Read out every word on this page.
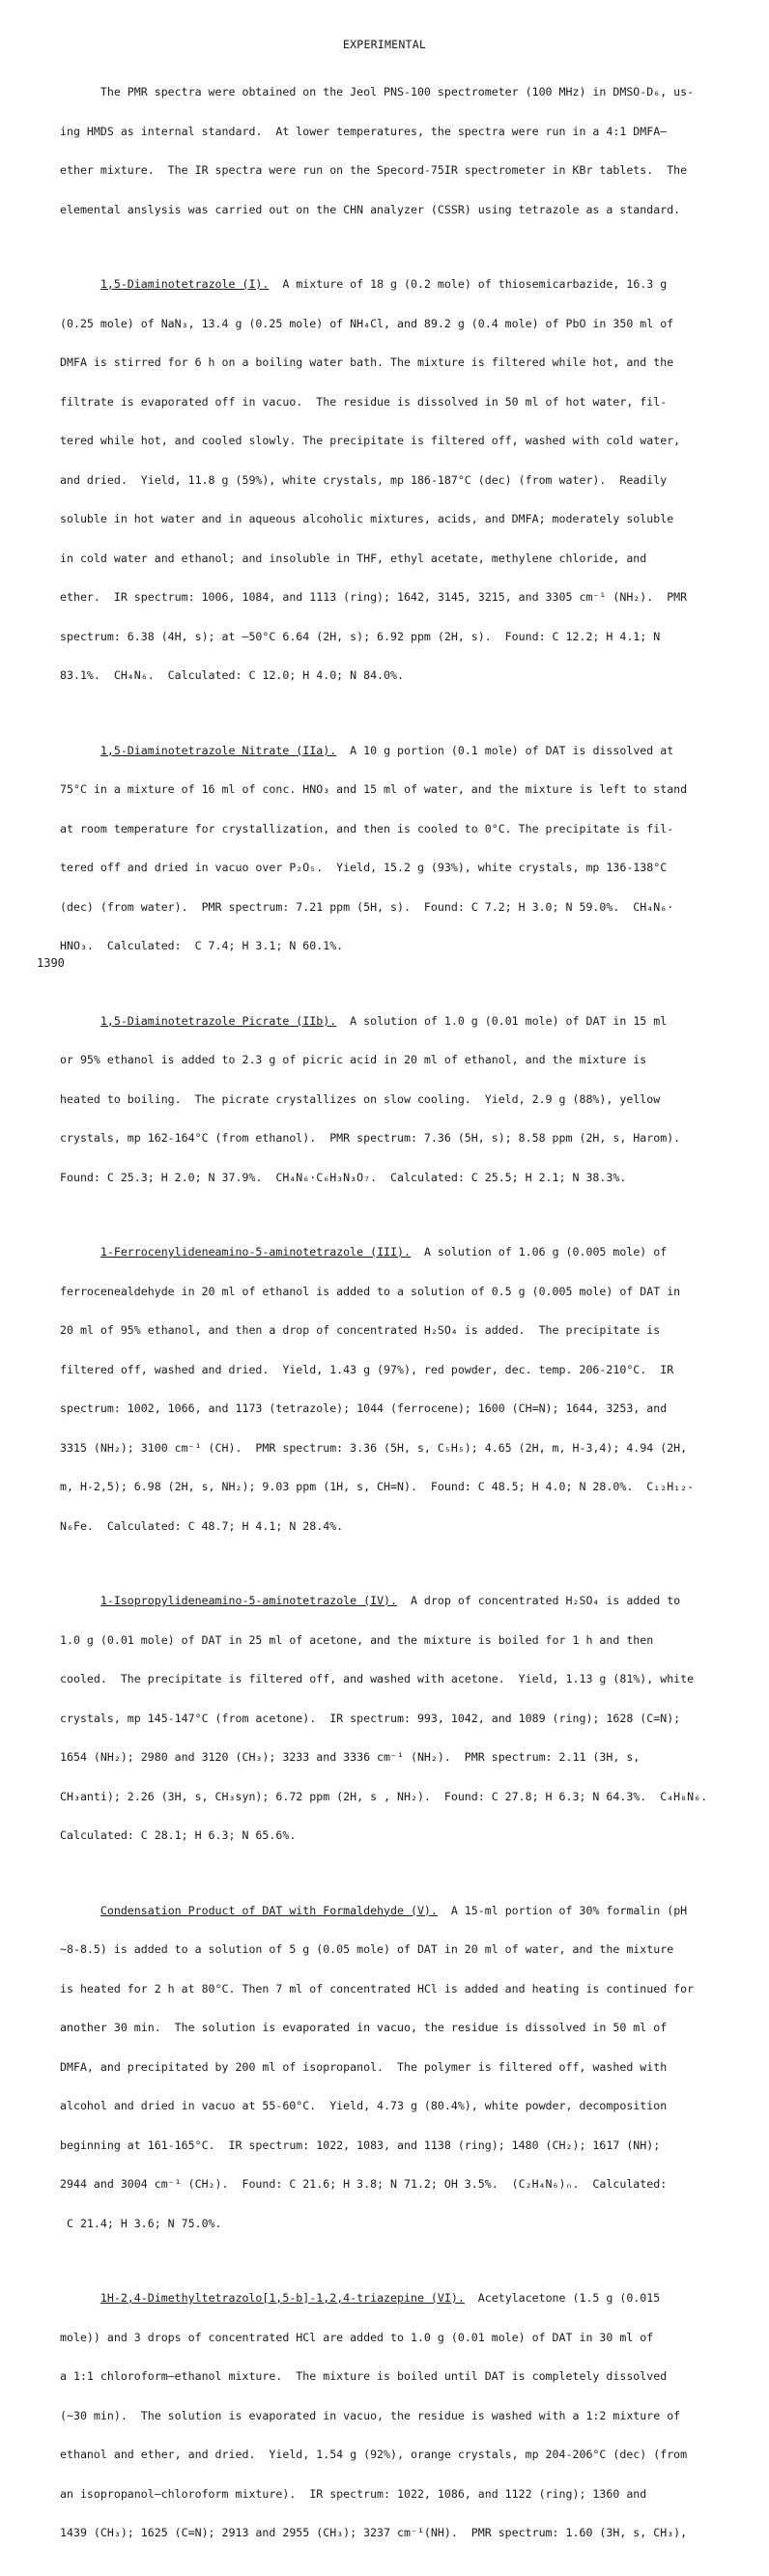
EXPERIMENTAL

The PMR spectra were obtained on the Jeol PNS-100 spectrometer (100 MHz) in DMSO-D₆, us-

ing HMDS as internal standard.  At lower temperatures, the spectra were run in a 4:1 DMFA–

ether mixture.  The IR spectra were run on the Specord-75IR spectrometer in KBr tablets.  The

elemental anslysis was carried out on the CHN analyzer (CSSR) using tetrazole as a standard.

1,5-Diaminotetrazole (I).  A mixture of 18 g (0.2 mole) of thiosemicarbazide, 16.3 g

(0.25 mole) of NaN₃, 13.4 g (0.25 mole) of NH₄Cl, and 89.2 g (0.4 mole) of PbO in 350 ml of

DMFA is stirred for 6 h on a boiling water bath. The mixture is filtered while hot, and the

filtrate is evaporated off in vacuo.  The residue is dissolved in 50 ml of hot water, fil-

tered while hot, and cooled slowly. The precipitate is filtered off, washed with cold water,

and dried.  Yield, 11.8 g (59%), white crystals, mp 186-187°C (dec) (from water).  Readily

soluble in hot water and in aqueous alcoholic mixtures, acids, and DMFA; moderately soluble

in cold water and ethanol; and insoluble in THF, ethyl acetate, methylene chloride, and

ether.  IR spectrum: 1006, 1084, and 1113 (ring); 1642, 3145, 3215, and 3305 cm⁻¹ (NH₂).  PMR

spectrum: 6.38 (4H, s); at –50°C 6.64 (2H, s); 6.92 ppm (2H, s).  Found: C 12.2; H 4.1; N

83.1%.  CH₄N₆.  Calculated: C 12.0; H 4.0; N 84.0%.

1,5-Diaminotetrazole Nitrate (IIa).  A 10 g portion (0.1 mole) of DAT is dissolved at

75°C in a mixture of 16 ml of conc. HNO₃ and 15 ml of water, and the mixture is left to stand

at room temperature for crystallization, and then is cooled to 0°C. The precipitate is fil-

tered off and dried in vacuo over P₂O₅.  Yield, 15.2 g (93%), white crystals, mp 136-138°C

(dec) (from water).  PMR spectrum: 7.21 ppm (5H, s).  Found: C 7.2; H 3.0; N 59.0%.  CH₄N₆·

HNO₃.  Calculated:  C 7.4; H 3.1; N 60.1%.

1,5-Diaminotetrazole Picrate (IIb).  A solution of 1.0 g (0.01 mole) of DAT in 15 ml

or 95% ethanol is added to 2.3 g of picric acid in 20 ml of ethanol, and the mixture is

heated to boiling.  The picrate crystallizes on slow cooling.  Yield, 2.9 g (88%), yellow

crystals, mp 162-164°C (from ethanol).  PMR spectrum: 7.36 (5H, s); 8.58 ppm (2H, s, Harom).

Found: C 25.3; H 2.0; N 37.9%.  CH₄N₆·C₆H₃N₃O₇.  Calculated: C 25.5; H 2.1; N 38.3%.

1-Ferrocenylideneamino-5-aminotetrazole (III).  A solution of 1.06 g (0.005 mole) of

ferrocenealdehyde in 20 ml of ethanol is added to a solution of 0.5 g (0.005 mole) of DAT in

20 ml of 95% ethanol, and then a drop of concentrated H₂SO₄ is added.  The precipitate is

filtered off, washed and dried.  Yield, 1.43 g (97%), red powder, dec. temp. 206-210°C.  IR

spectrum: 1002, 1066, and 1173 (tetrazole); 1044 (ferrocene); 1600 (CH=N); 1644, 3253, and

3315 (NH₂); 3100 cm⁻¹ (CH).  PMR spectrum: 3.36 (5H, s, C₅H₅); 4.65 (2H, m, H-3,4); 4.94 (2H,

m, H-2,5); 6.98 (2H, s, NH₂); 9.03 ppm (1H, s, CH=N).  Found: C 48.5; H 4.0; N 28.0%.  C₁₂H₁₂-

N₆Fe.  Calculated: C 48.7; H 4.1; N 28.4%.

1-Isopropylideneamino-5-aminotetrazole (IV).  A drop of concentrated H₂SO₄ is added to

1.0 g (0.01 mole) of DAT in 25 ml of acetone, and the mixture is boiled for 1 h and then

cooled.  The precipitate is filtered off, and washed with acetone.  Yield, 1.13 g (81%), white

crystals, mp 145-147°C (from acetone).  IR spectrum: 993, 1042, and 1089 (ring); 1628 (C=N);

1654 (NH₂); 2980 and 3120 (CH₃); 3233 and 3336 cm⁻¹ (NH₂).  PMR spectrum: 2.11 (3H, s,

CH₃anti); 2.26 (3H, s, CH₃syn); 6.72 ppm (2H, s , NH₂).  Found: C 27.8; H 6.3; N 64.3%.  C₄H₈N₆.

Calculated: C 28.1; H 6.3; N 65.6%.

Condensation Product of DAT with Formaldehyde (V).  A 15-ml portion of 30% formalin (pH

~8-8.5) is added to a solution of 5 g (0.05 mole) of DAT in 20 ml of water, and the mixture

is heated for 2 h at 80°C. Then 7 ml of concentrated HCl is added and heating is continued for

another 30 min.  The solution is evaporated in vacuo, the residue is dissolved in 50 ml of

DMFA, and precipitated by 200 ml of isopropanol.  The polymer is filtered off, washed with

alcohol and dried in vacuo at 55-60°C.  Yield, 4.73 g (80.4%), white powder, decomposition

beginning at 161-165°C.  IR spectrum: 1022, 1083, and 1138 (ring); 1480 (CH₂); 1617 (NH);

2944 and 3004 cm⁻¹ (CH₂).  Found: C 21.6; H 3.8; N 71.2; OH 3.5%.  (C₂H₄N₆)ₙ.  Calculated:

C 21.4; H 3.6; N 75.0%.

1H-2,4-Dimethyltetrazolo[1,5-b]-1,2,4-triazepine (VI).  Acetylacetone (1.5 g (0.015

mole)) and 3 drops of concentrated HCl are added to 1.0 g (0.01 mole) of DAT in 30 ml of

a 1:1 chloroform–ethanol mixture.  The mixture is boiled until DAT is completely dissolved

(~30 min).  The solution is evaporated in vacuo, the residue is washed with a 1:2 mixture of

ethanol and ether, and dried.  Yield, 1.54 g (92%), orange crystals, mp 204-206°C (dec) (from

an isopropanol–chloroform mixture).  IR spectrum: 1022, 1086, and 1122 (ring); 1360 and

1439 (CH₃); 1625 (C=N); 2913 and 2955 (CH₃); 3237 cm⁻¹(NH).  PMR spectrum: 1.60 (3H, s, CH₃),

1390
